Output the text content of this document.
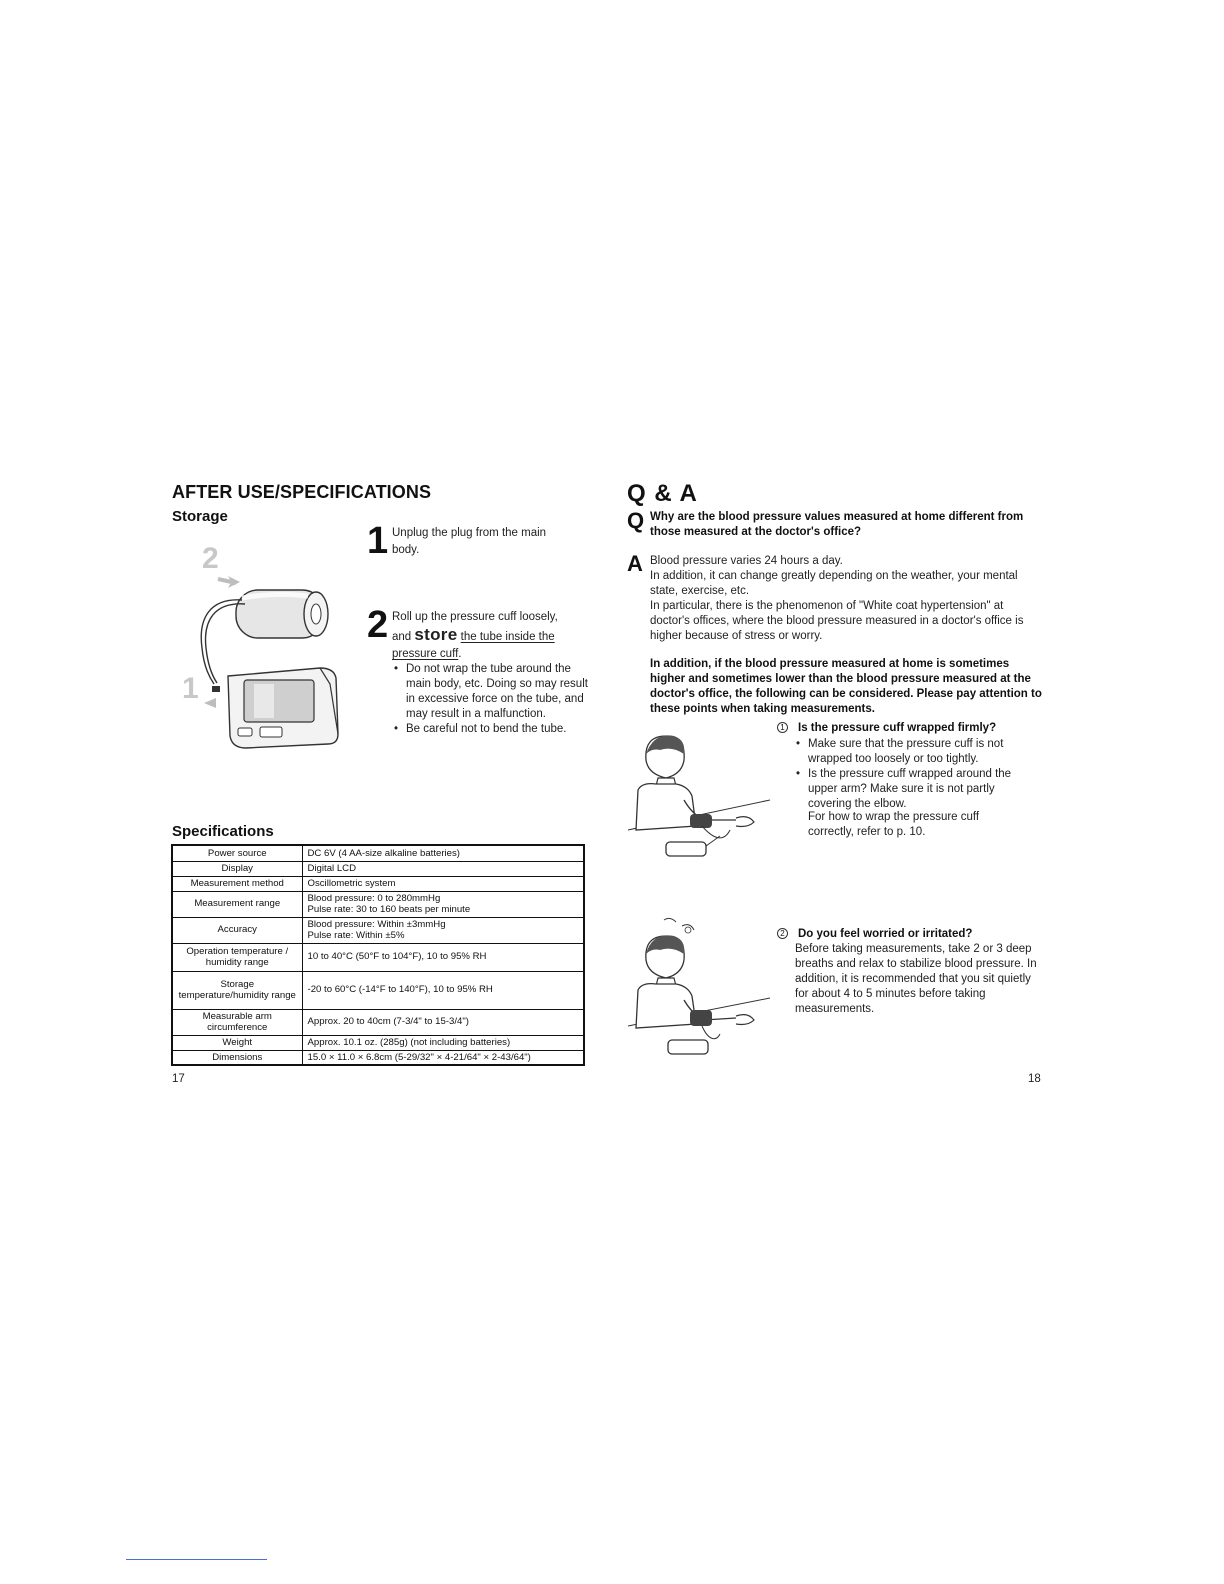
AFTER USE/SPECIFICATIONS
Storage
2
1
1 Unplug the plug from the main body.
2 Roll up the pressure cuff loosely,
and store the tube inside the
pressure cuff.
• Do not wrap the tube around the main body, etc. Doing so may result in excessive force on the tube, and may result in a malfunction.
• Be careful not to bend the tube.
Specifications
Power source	DC 6V (4 AA-size alkaline batteries)
Display	Digital LCD
Measurement method	Oscillometric system
Measurement range	Blood pressure: 0 to 280mmHg
Pulse rate: 30 to 160 beats per minute

Accuracy	Blood pressure: Within ±3mmHg
Pulse rate: Within ±5%

Operation temperature / humidity range	10 to 40°C (50°F to 104°F), 10 to 95% RH
Storage temperature/humidity range	-20 to 60°C (-14°F to 140°F), 10 to 95% RH
Measurable arm circumference	Approx. 20 to 40cm (7-3/4" to 15-3/4")
Weight	Approx. 10.1 oz. (285g) (not including batteries)
Dimensions	15.0 × 11.0 × 6.8cm (5-29/32" × 4-21/64" × 2-43/64")
17
Q & A
Q Why are the blood pressure values measured at home different from those measured at the doctor's office?
A Blood pressure varies 24 hours a day.
In addition, it can change greatly depending on the weather, your mental state, exercise, etc.
In particular, there is the phenomenon of "White coat hypertension" at doctor's offices, where the blood pressure measured in a doctor's office is higher because of stress or worry.
In addition, if the blood pressure measured at home is sometimes higher and sometimes lower than the blood pressure measured at the doctor's office, the following can be considered. Please pay attention to these points when taking measurements.
1 Is the pressure cuff wrapped firmly?
• Make sure that the pressure cuff is not wrapped too loosely or too tightly.
• Is the pressure cuff wrapped around the upper arm? Make sure it is not partly covering the elbow.
For how to wrap the pressure cuff correctly, refer to p. 10.
2 Do you feel worried or irritated?
Before taking measurements, take 2 or 3 deep breaths and relax to stabilize blood pressure. In addition, it is recommended that you sit quietly for about 4 to 5 minutes before taking measurements.
18
